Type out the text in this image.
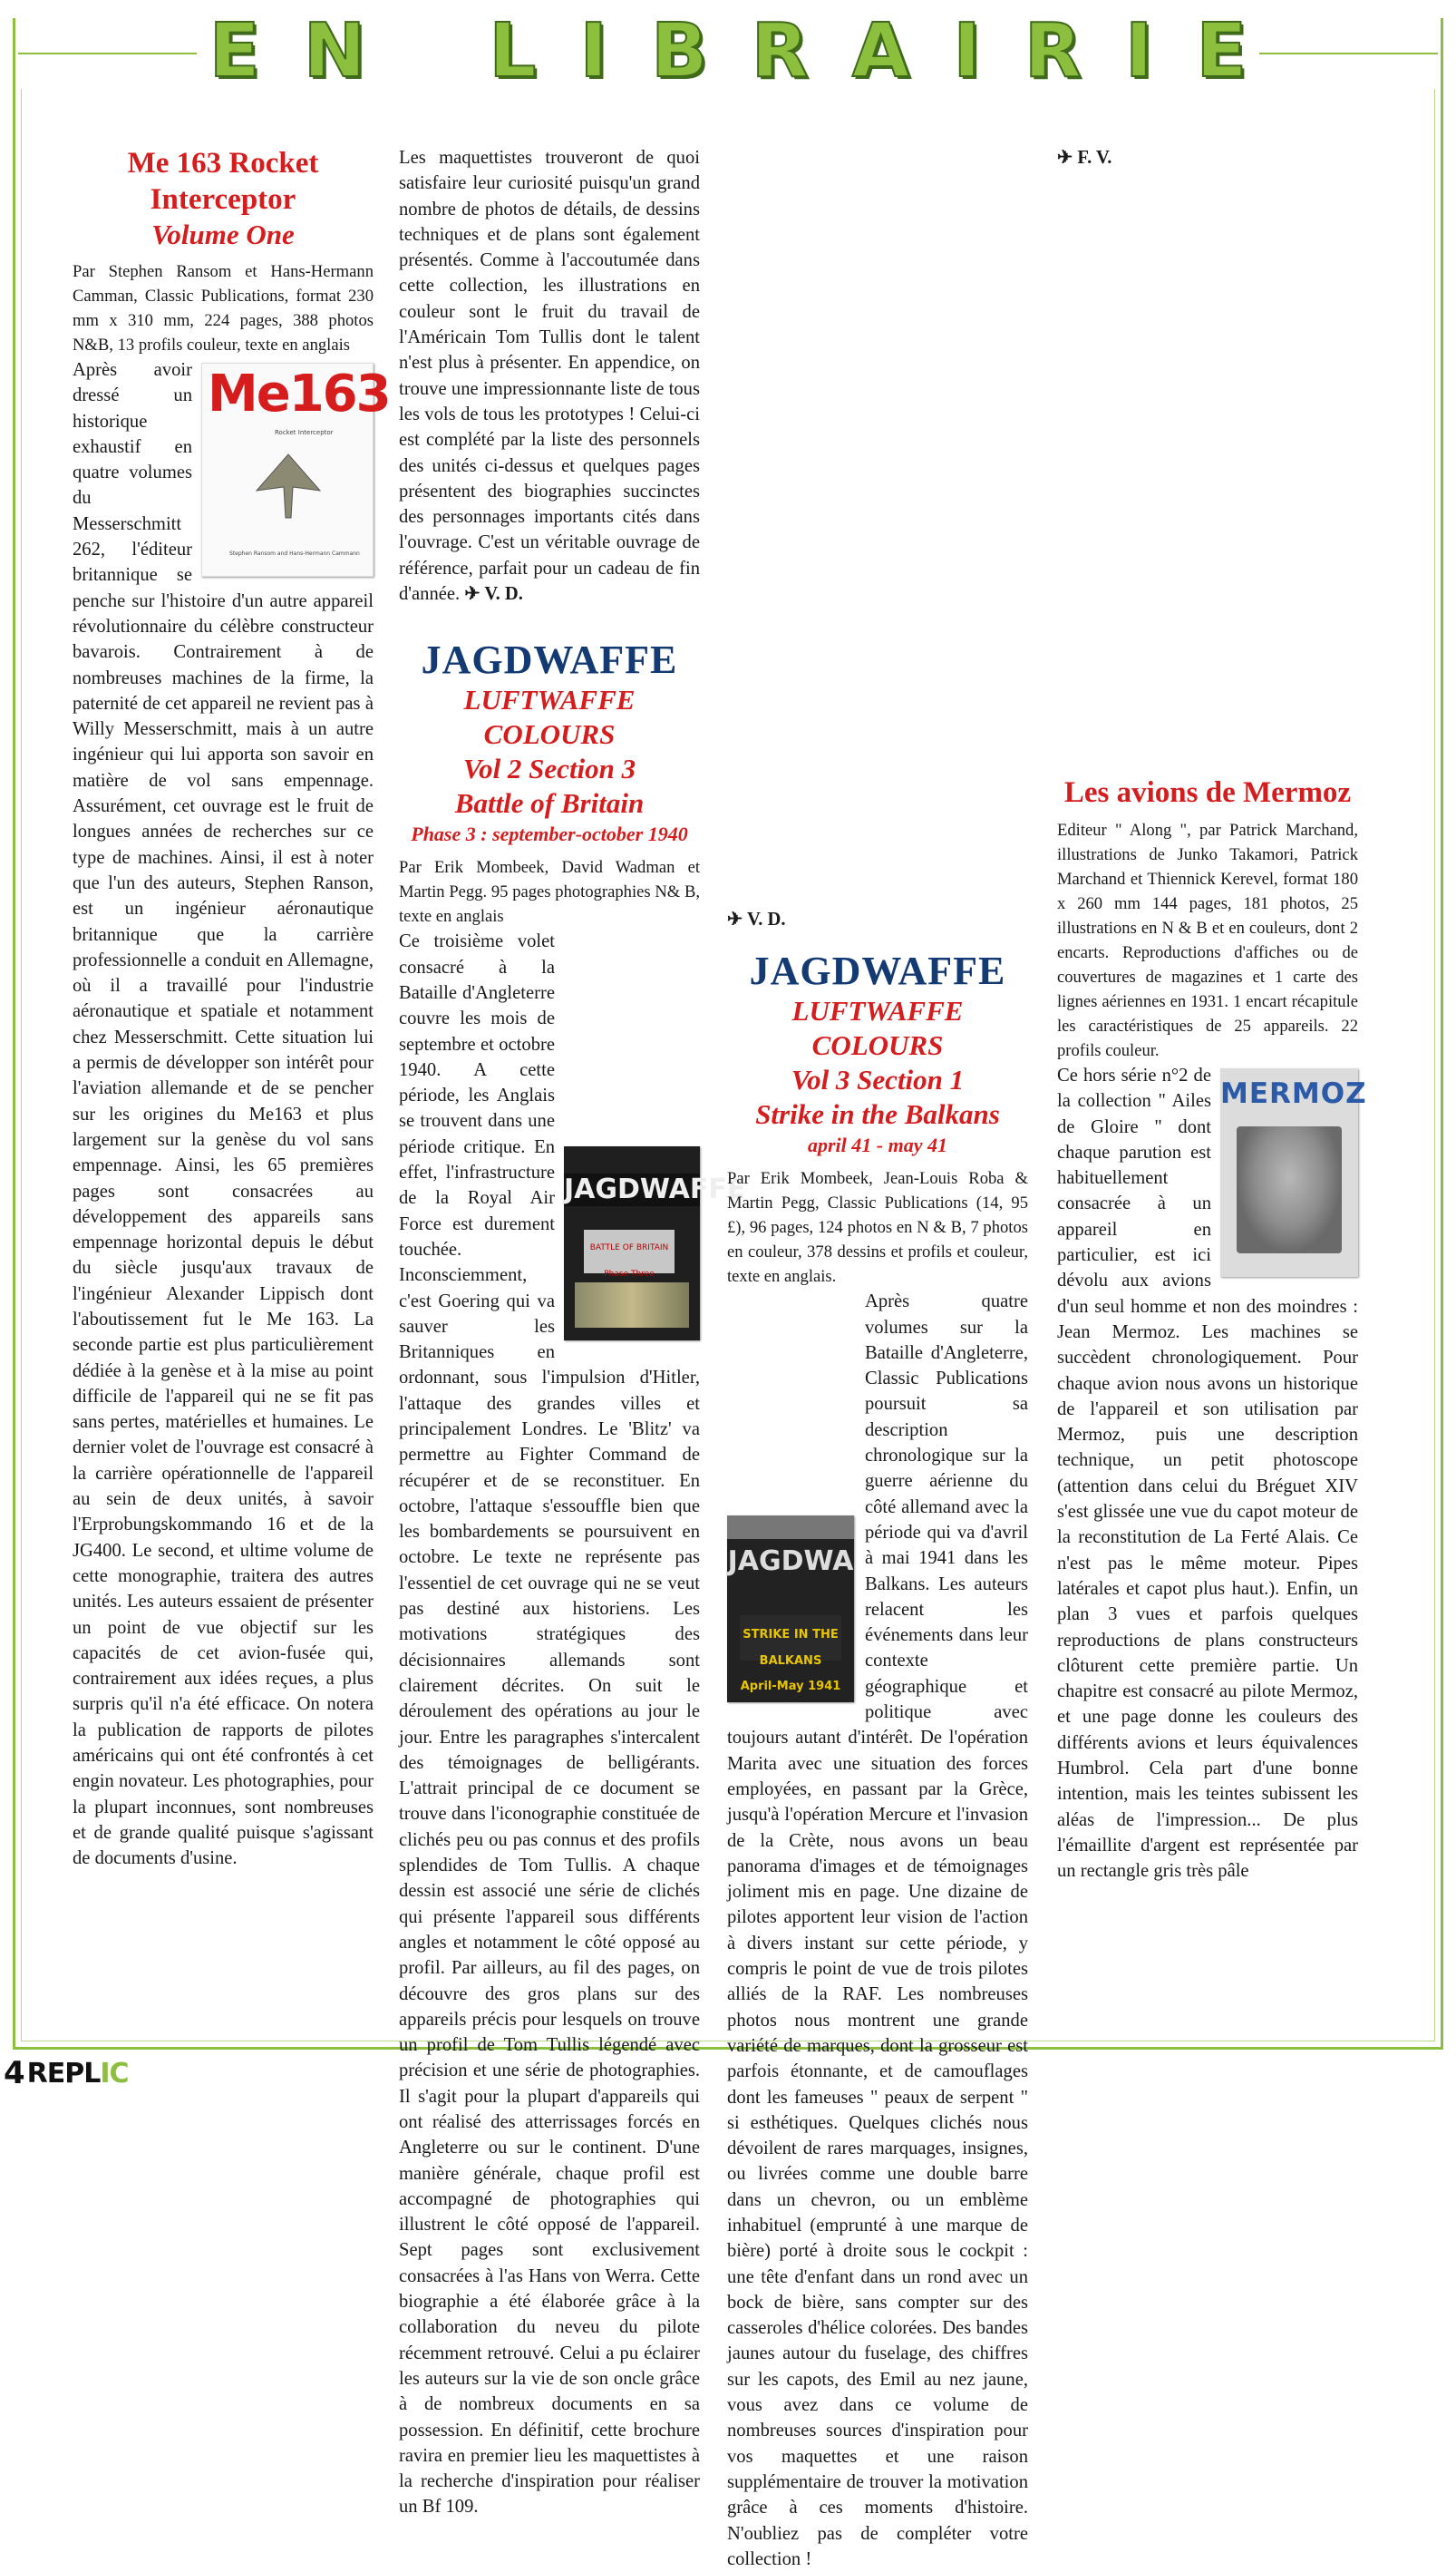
E N L I B R A I R I E
Me 163 Rocket Interceptor
Volume One

Par Stephen Ransom et Hans-Hermann Camman, Classic Publications, format 230 mm x 310 mm, 224 pages, 388 photos N&B, 13 profils couleur, texte en anglais

Me163
Rocket Interceptor
Stephen Ransom and Hans-Hermann Cammann

Après avoir dressé un historique exhaustif en quatre volumes du Messerschmitt 262, l'éditeur britannique se penche sur l'histoire d'un autre appareil révolutionnaire du célèbre constructeur bavarois. Contrairement à de nombreuses machines de la firme, la paternité de cet appareil ne revient pas à Willy Messerschmitt, mais à un autre ingénieur qui lui apporta son savoir en matière de vol sans empennage. Assurément, cet ouvrage est le fruit de longues années de recherches sur ce type de machines. Ainsi, il est à noter que l'un des auteurs, Stephen Ranson, est un ingénieur aéronautique britannique que la carrière professionnelle a conduit en Allemagne, où il a travaillé pour l'industrie aéronautique et spatiale et notamment chez Messerschmitt. Cette situation lui a permis de développer son intérêt pour l'aviation allemande et de se pencher sur les origines du Me163 et plus largement sur la genèse du vol sans empennage. Ainsi, les 65 premières pages sont consacrées au développement des appareils sans empennage horizontal depuis le début du siècle jusqu'aux travaux de l'ingénieur Alexander Lippisch dont l'aboutissement fut le Me 163. La seconde partie est plus particulièrement dédiée à la genèse et à la mise au point difficile de l'appareil qui ne se fit pas sans pertes, matérielles et humaines. Le dernier volet de l'ouvrage est consacré à la carrière opérationnelle de l'appareil au sein de deux unités, à savoir l'Erprobungskommando 16 et de la JG400. Le second, et ultime volume de cette monographie, traitera des autres unités. Les auteurs essaient de présenter un point de vue objectif sur les capacités de cet avion-fusée qui, contrairement aux idées reçues, a plus surpris qu'il n'a été efficace. On notera la publication de rapports de pilotes américains qui ont été confrontés à cet engin novateur. Les photographies, pour la plupart inconnues, sont nombreuses et de grande qualité puisque s'agissant de documents d'usine.

Les maquettistes trouveront de quoi satisfaire leur curiosité puisqu'un grand nombre de photos de détails, de dessins techniques et de plans sont également présentés. Comme à l'accoutumée dans cette collection, les illustrations en couleur sont le fruit du travail de l'Américain Tom Tullis dont le talent n'est plus à présenter. En appendice, on trouve une impressionnante liste de tous les vols de tous les prototypes ! Celui-ci est complété par la liste des personnels des unités ci-dessus et quelques pages présentent des biographies succinctes des personnages importants cités dans l'ouvrage. C'est un véritable ouvrage de référence, parfait pour un cadeau de fin d'année. ✈ V. D.

JAGDWAFFE
LUFTWAFFE COLOURS
Vol 2 Section 3
Battle of Britain
Phase 3 : september-october 1940

Par Erik Mombeek, David Wadman et Martin Pegg. 95 pages photographies N& B, texte en anglais

JAGDWAFFE
BATTLE OF BRITAIN Phase Three

Ce troisième volet consacré à la Bataille d'Angleterre couvre les mois de septembre et octobre 1940. A cette période, les Anglais se trouvent dans une période critique. En effet, l'infrastructure de la Royal Air Force est durement touchée. Inconsciemment, c'est Goering qui va sauver les Britanniques en ordonnant, sous l'impulsion d'Hitler, l'attaque des grandes villes et principalement Londres. Le 'Blitz' va permettre au Fighter Command de récupérer et de se reconstituer. En octobre, l'attaque s'essouffle bien que les bombardements se poursuivent en octobre. Le texte ne représente pas l'essentiel de cet ouvrage qui ne se veut pas destiné aux historiens. Les motivations stratégiques des décisionnaires allemands sont clairement décrites. On suit le déroulement des opérations au jour le jour. Entre les paragraphes s'intercalent des témoignages de belligérants. L'attrait principal de ce document se trouve dans l'iconographie constituée de clichés peu ou pas connus et des profils splendides de Tom Tullis. A chaque dessin est associé une série de clichés qui présente l'appareil sous différents angles et notamment le côté opposé au profil. Par ailleurs, au fil des pages, on découvre des gros plans sur des appareils précis pour lesquels on trouve un profil de Tom Tullis légendé avec précision et une série de photographies. Il s'agit pour la plupart d'appareils qui ont réalisé des atterrissages forcés en Angleterre ou sur le continent. D'une manière générale, chaque profil est accompagné de photographies qui illustrent le côté opposé de l'appareil. Sept pages sont exclusivement consacrées à l'as Hans von Werra. Cette biographie a été élaborée grâce à la collaboration du neveu du pilote récemment retrouvé. Celui a pu éclairer les auteurs sur la vie de son oncle grâce à de nombreux documents en sa possession. En définitif, cette brochure ravira en premier lieu les maquettistes à la recherche d'inspiration pour réaliser un Bf 109.

✈ V. D.

JAGDWAFFE
LUFTWAFFE COLOURS
Vol 3 Section 1
Strike in the Balkans
april 41 - may 41

Par Erik Mombeek, Jean-Louis Roba & Martin Pegg, Classic Publications (14, 95 £), 96 pages, 124 photos en N & B, 7 photos en couleur, 378 dessins et profils et couleur, texte en anglais.

JAGDWA
STRIKE IN THE BALKANS April-May 1941

Après quatre volumes sur la Bataille d'Angleterre, Classic Publications poursuit sa description chronologique sur la guerre aérienne du côté allemand avec la période qui va d'avril à mai 1941 dans les Balkans. Les auteurs relacent les événements dans leur contexte géographique et politique avec toujours autant d'intérêt. De l'opération Marita avec une situation des forces employées, en passant par la Grèce, jusqu'à l'opération Mercure et l'invasion de la Crète, nous avons un beau panorama d'images et de témoignages joliment mis en page. Une dizaine de pilotes apportent leur vision de l'action à divers instant sur cette période, y compris le point de vue de trois pilotes alliés de la RAF. Les nombreuses photos nous montrent une grande variété de marques, dont la grosseur est parfois étonnante, et de camouflages dont les fameuses " peaux de serpent " si esthétiques. Quelques clichés nous dévoilent de rares marquages, insignes, ou livrées comme une double barre dans un chevron, ou un emblème inhabituel (emprunté à une marque de bière) porté à droite sous le cockpit : une tête d'enfant dans un rond avec un bock de bière, sans compter sur des casseroles d'hélice colorées. Des bandes jaunes autour du fuselage, des chiffres sur les capots, des Emil au nez jaune, vous avez dans ce volume de nombreuses sources d'inspiration pour vos maquettes et une raison supplémentaire de trouver la motivation grâce à ces moments d'histoire. N'oubliez pas de compléter votre collection !

✈ F. V.

Les avions de Mermoz

Editeur " Along ", par Patrick Marchand, illustrations de Junko Takamori, Patrick Marchand et Thiennick Kerevel, format 180 x 260 mm 144 pages, 181 photos, 25 illustrations en N & B et en couleurs, dont 2 encarts. Reproductions d'affiches ou de couvertures de magazines et 1 carte des lignes aériennes en 1931. 1 encart récapitule les caractéristiques de 25 appareils. 22 profils couleur.

MERMOZ

Ce hors série n°2 de la collection " Ailes de Gloire " dont chaque parution est habituellement consacrée à un appareil en particulier, est ici dévolu aux avions d'un seul homme et non des moindres : Jean Mermoz. Les machines se succèdent chronologiquement. Pour chaque avion nous avons un historique de l'appareil et son utilisation par Mermoz, puis une description technique, un petit photoscope (attention dans celui du Bréguet XIV s'est glissée une vue du capot moteur de la reconstitution de La Ferté Alais. Ce n'est pas le même moteur. Pipes latérales et capot plus haut.). Enfin, un plan 3 vues et parfois quelques reproductions de plans constructeurs clôturent cette première partie. Un chapitre est consacré au pilote Mermoz, et une page donne les couleurs des différents avions et leurs équivalences Humbrol. Cela part d'une bonne intention, mais les teintes subissent les aléas de l'impression... De plus l'émaillite d'argent est représentée par un rectangle gris très pâle

4 REPLIC
